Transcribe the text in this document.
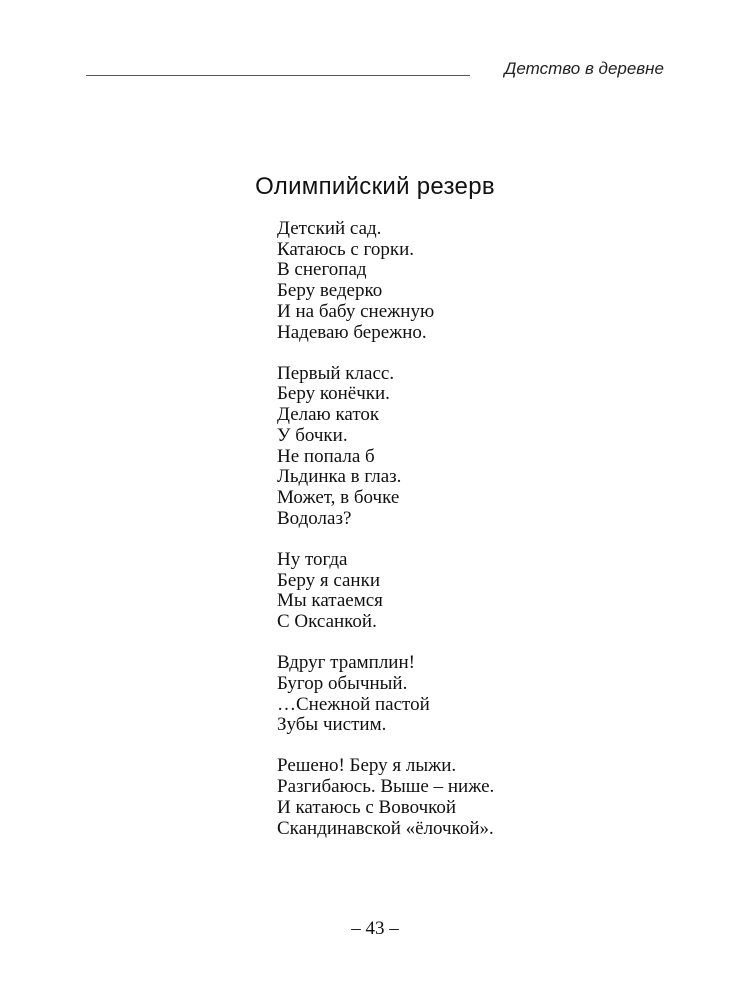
Детство в деревне
Олимпийский резерв
Детский сад.
Катаюсь с горки.
В снегопад
Беру ведерко
И на бабу снежную
Надеваю бережно.
Первый класс.
Беру конёчки.
Делаю каток
У бочки.
Не попала б
Льдинка в глаз.
Может, в бочке
Водолаз?
Ну тогда
Беру я санки
Мы катаемся
С Оксанкой.
Вдруг трамплин!
Бугор обычный.
…Снежной пастой
Зубы чистим.
Решено! Беру я лыжи.
Разгибаюсь. Выше – ниже.
И катаюсь с Вовочкой
Скандинавской «ёлочкой».
– 43 –
